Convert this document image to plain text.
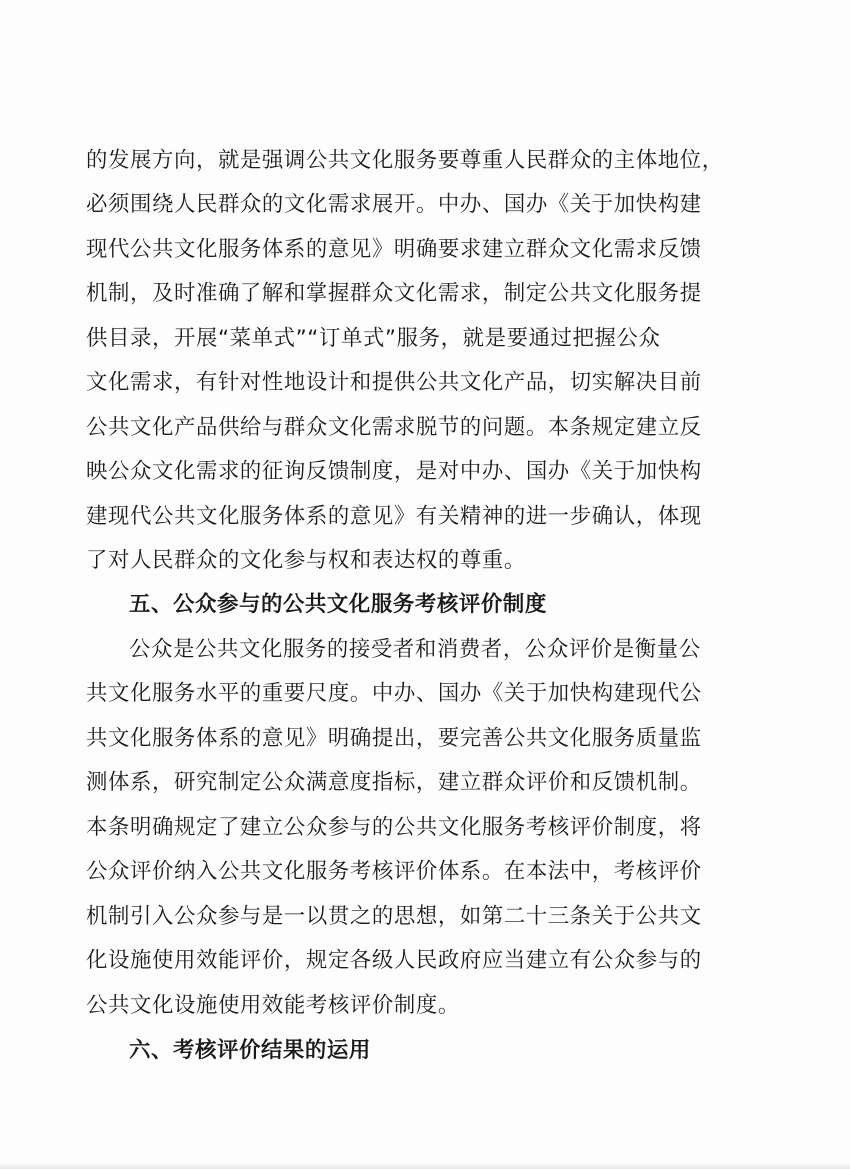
的发展方向，就是强调公共文化服务要尊重人民群众的主体地位，
必须围绕人民群众的文化需求展开。中办、国办《关于加快构建
现代公共文化服务体系的意见》明确要求建立群众文化需求反馈
机制，及时准确了解和掌握群众文化需求，制定公共文化服务提
供目录，开展“菜单式”“订单式”服务，就是要通过把握公众
文化需求，有针对性地设计和提供公共文化产品，切实解决目前
公共文化产品供给与群众文化需求脱节的问题。本条规定建立反
映公众文化需求的征询反馈制度，是对中办、国办《关于加快构
建现代公共文化服务体系的意见》有关精神的进一步确认，体现
了对人民群众的文化参与权和表达权的尊重。
五、公众参与的公共文化服务考核评价制度
公众是公共文化服务的接受者和消费者，公众评价是衡量公
共文化服务水平的重要尺度。中办、国办《关于加快构建现代公
共文化服务体系的意见》明确提出，要完善公共文化服务质量监
测体系，研究制定公众满意度指标，建立群众评价和反馈机制。
本条明确规定了建立公众参与的公共文化服务考核评价制度，将
公众评价纳入公共文化服务考核评价体系。在本法中，考核评价
机制引入公众参与是一以贯之的思想，如第二十三条关于公共文
化设施使用效能评价，规定各级人民政府应当建立有公众参与的
公共文化设施使用效能考核评价制度。
六、考核评价结果的运用
